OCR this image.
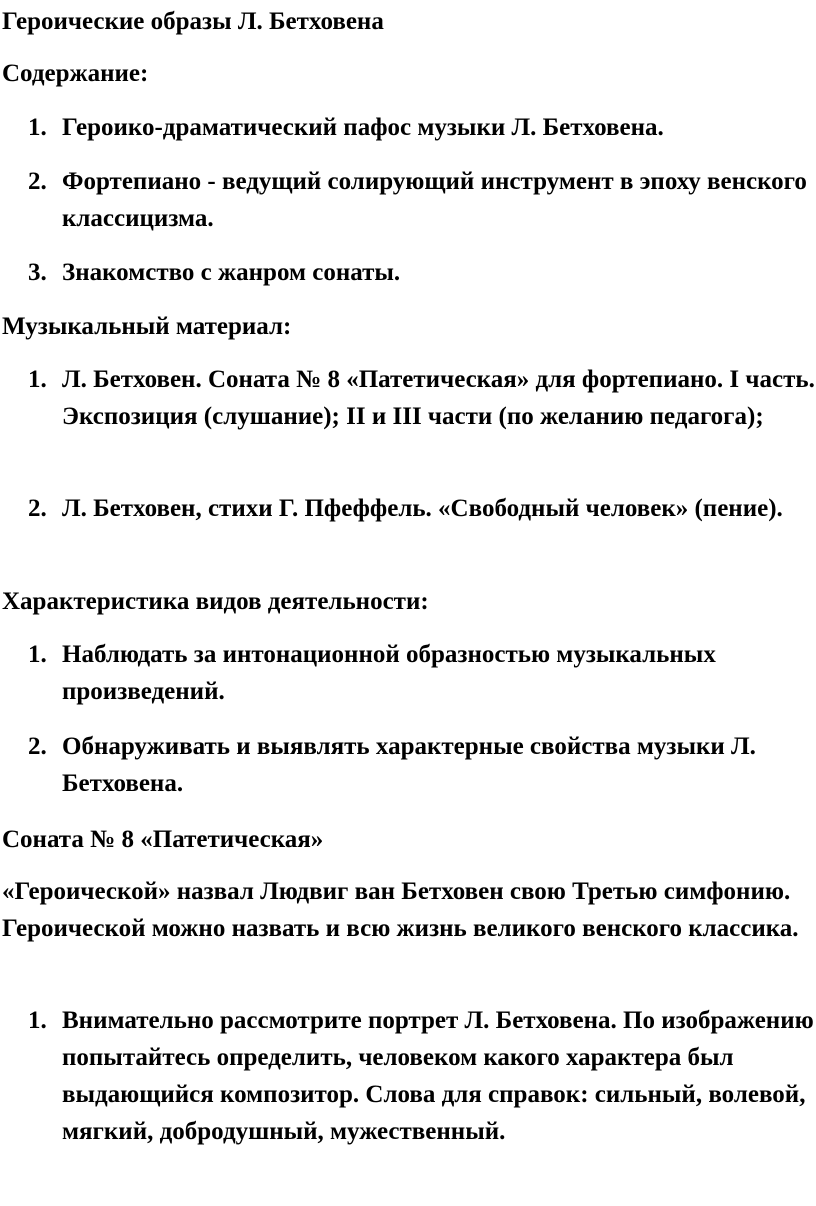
Героические образы Л. Бетховена
Содержание:
1. Героико-драматический пафос музыки Л. Бетховена.
2. Фортепиано - ведущий солирующий инструмент в эпоху венского классицизма.
3. Знакомство с жанром сонаты.
Музыкальный материал:
1. Л. Бетховен. Соната № 8 «Патетическая» для фортепиано. I часть. Экспозиция (слушание); II и III части (по желанию педагога);
2. Л. Бетховен, стихи Г. Пфеффель. «Свободный человек» (пение).
Характеристика видов деятельности:
1. Наблюдать за интонационной образностью музыкальных произведений.
2. Обнаруживать и выявлять характерные свойства музыки Л. Бетховена.
Соната № 8 «Патетическая»
«Героической» назвал Людвиг ван Бетховен свою Третью симфонию. Героической можно назвать и всю жизнь великого венского классика.
1. Внимательно рассмотрите портрет Л. Бетховена. По изображению попытайтесь определить, человеком какого характера был выдающийся композитор. Слова для справок: сильный, волевой, мягкий, добродушный, мужественный.
